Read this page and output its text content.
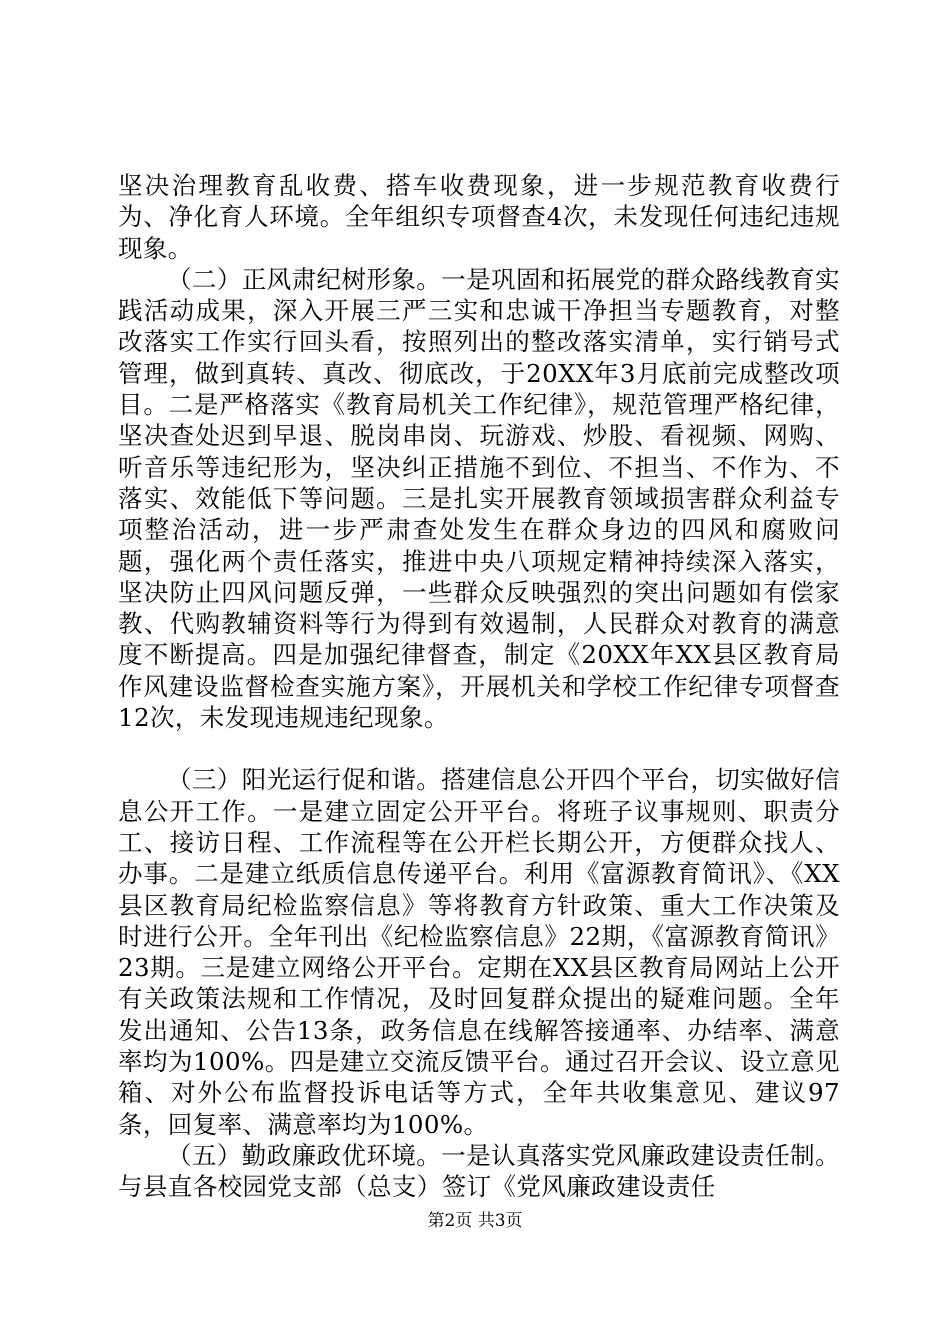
坚决治理教育乱收费、搭车收费现象，进一步规范教育收费行为、净化育人环境。全年组织专项督查4次，未发现任何违纪违规现象。

（二）正风肃纪树形象。一是巩固和拓展党的群众路线教育实践活动成果，深入开展三严三实和忠诚干净担当专题教育，对整改落实工作实行回头看，按照列出的整改落实清单，实行销号式管理，做到真转、真改、彻底改，于20XX年3月底前完成整改项目。二是严格落实《教育局机关工作纪律》，规范管理严格纪律，坚决查处迟到早退、脱岗串岗、玩游戏、炒股、看视频、网购、听音乐等违纪形为，坚决纠正措施不到位、不担当、不作为、不落实、效能低下等问题。三是扎实开展教育领域损害群众利益专项整治活动，进一步严肃查处发生在群众身边的四风和腐败问题，强化两个责任落实，推进中央八项规定精神持续深入落实，坚决防止四风问题反弹，一些群众反映强烈的突出问题如有偿家教、代购教辅资料等行为得到有效遏制，人民群众对教育的满意度不断提高。四是加强纪律督查，制定《20XX年XX县区教育局作风建设监督检查实施方案》，开展机关和学校工作纪律专项督查12次，未发现违规违纪现象。

（三）阳光运行促和谐。搭建信息公开四个平台，切实做好信息公开工作。一是建立固定公开平台。将班子议事规则、职责分工、接访日程、工作流程等在公开栏长期公开，方便群众找人、办事。二是建立纸质信息传递平台。利用《富源教育简讯》、《XX县区教育局纪检监察信息》等将教育方针政策、重大工作决策及时进行公开。全年刊出《纪检监察信息》22期，《富源教育简讯》23期。三是建立网络公开平台。定期在XX县区教育局网站上公开有关政策法规和工作情况，及时回复群众提出的疑难问题。全年发出通知、公告13条，政务信息在线解答接通率、办结率、满意率均为100%。四是建立交流反馈平台。通过召开会议、设立意见箱、对外公布监督投诉电话等方式，全年共收集意见、建议97条，回复率、满意率均为100%。

（五）勤政廉政优环境。一是认真落实党风廉政建设责任制。与县直各校园党支部（总支）签订《党风廉政建设责任

第2页 共3页
